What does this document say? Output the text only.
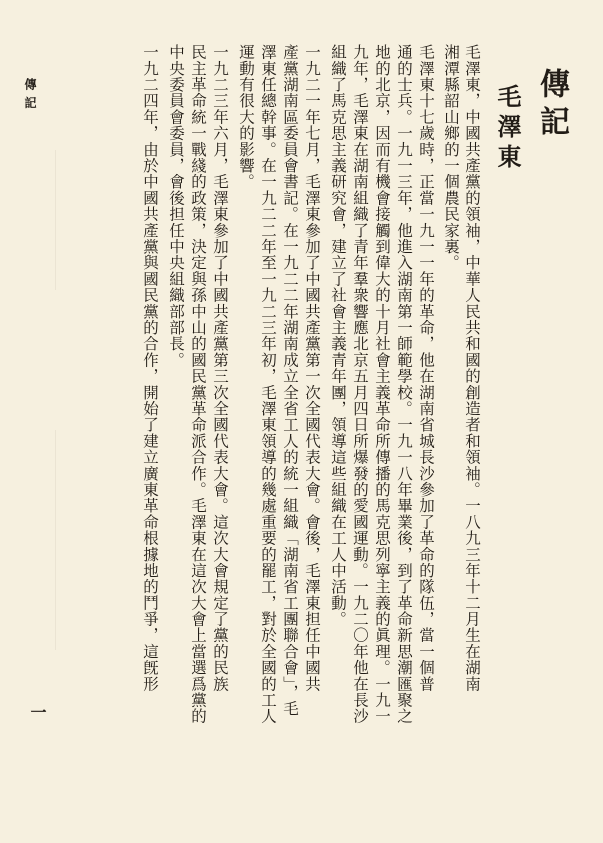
傳記
毛澤東
毛澤東，中國共產黨的領袖，中華人民共和國的創造者和領袖。一八九三年十二月生在湖南
湘潭縣韶山鄉的一個農民家裏。
毛澤東十七歲時，正當一九一一年的革命，他在湖南省城長沙參加了革命的隊伍，當一個普
通的士兵。一九一三年，他進入湖南第一師範學校。一九一八年畢業後，到了革命新思潮匯聚之
地的北京，因而有機會接觸到偉大的十月社會主義革命所傳播的馬克思列寧主義的眞理。一九一
九年，毛澤東在湖南組織了青年羣衆響應北京五月四日所爆發的愛國運動。一九二〇年他在長沙
組織了馬克思主義研究會，建立了社會主義青年團，領導這些組織在工人中活動。
一九二一年七月，毛澤東參加了中國共產黨第一次全國代表大會。會後，毛澤東担任中國共
產黨湖南區委員會書記。在一九二二年湖南成立全省工人的統一組織「湖南省工團聯合會」，毛
澤東任總幹事。在一九二二年至一九二三年初，毛澤東領導的幾處重要的罷工，對於全國的工人
運動有很大的影響。
一九二三年六月，毛澤東參加了中國共產黨第三次全國代表大會。這次大會規定了黨的民族
民主革命統一戰綫的政策，決定與孫中山的國民黨革命派合作。毛澤東在這次大會上當選爲黨的
中央委員會委員，會後担任中央組織部部長。
一九二四年，由於中國共產黨與國民黨的合作，開始了建立廣東革命根據地的鬥爭，這旣形
傳記
一
